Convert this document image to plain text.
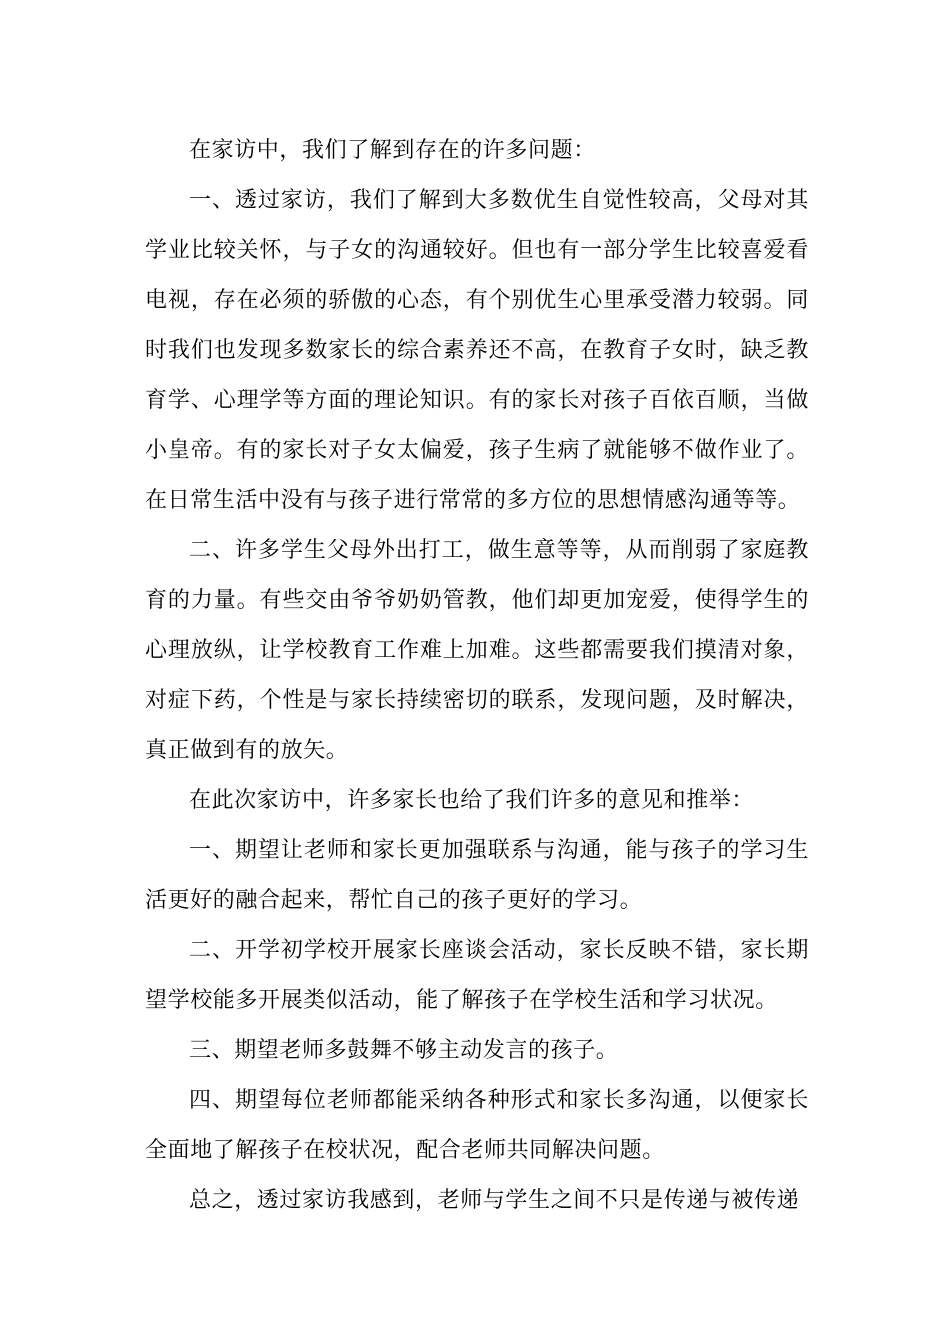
在家访中，我们了解到存在的许多问题：

一、透过家访，我们了解到大多数优生自觉性较高，父母对其学业比较关怀，与子女的沟通较好。但也有一部分学生比较喜爱看电视，存在必须的骄傲的心态，有个别优生心里承受潜力较弱。同时我们也发现多数家长的综合素养还不高，在教育子女时，缺乏教育学、心理学等方面的理论知识。有的家长对孩子百依百顺，当做小皇帝。有的家长对子女太偏爱，孩子生病了就能够不做作业了。在日常生活中没有与孩子进行常常的多方位的思想情感沟通等等。

二、许多学生父母外出打工，做生意等等，从而削弱了家庭教育的力量。有些交由爷爷奶奶管教，他们却更加宠爱，使得学生的心理放纵，让学校教育工作难上加难。这些都需要我们摸清对象，对症下药，个性是与家长持续密切的联系，发现问题，及时解决，真正做到有的放矢。

在此次家访中，许多家长也给了我们许多的意见和推举：

一、期望让老师和家长更加强联系与沟通，能与孩子的学习生活更好的融合起来，帮忙自己的孩子更好的学习。

二、开学初学校开展家长座谈会活动，家长反映不错，家长期望学校能多开展类似活动，能了解孩子在学校生活和学习状况。

三、期望老师多鼓舞不够主动发言的孩子。

四、期望每位老师都能采纳各种形式和家长多沟通，以便家长全面地了解孩子在校状况，配合老师共同解决问题。

总之，透过家访我感到，老师与学生之间不只是传递与被传递
